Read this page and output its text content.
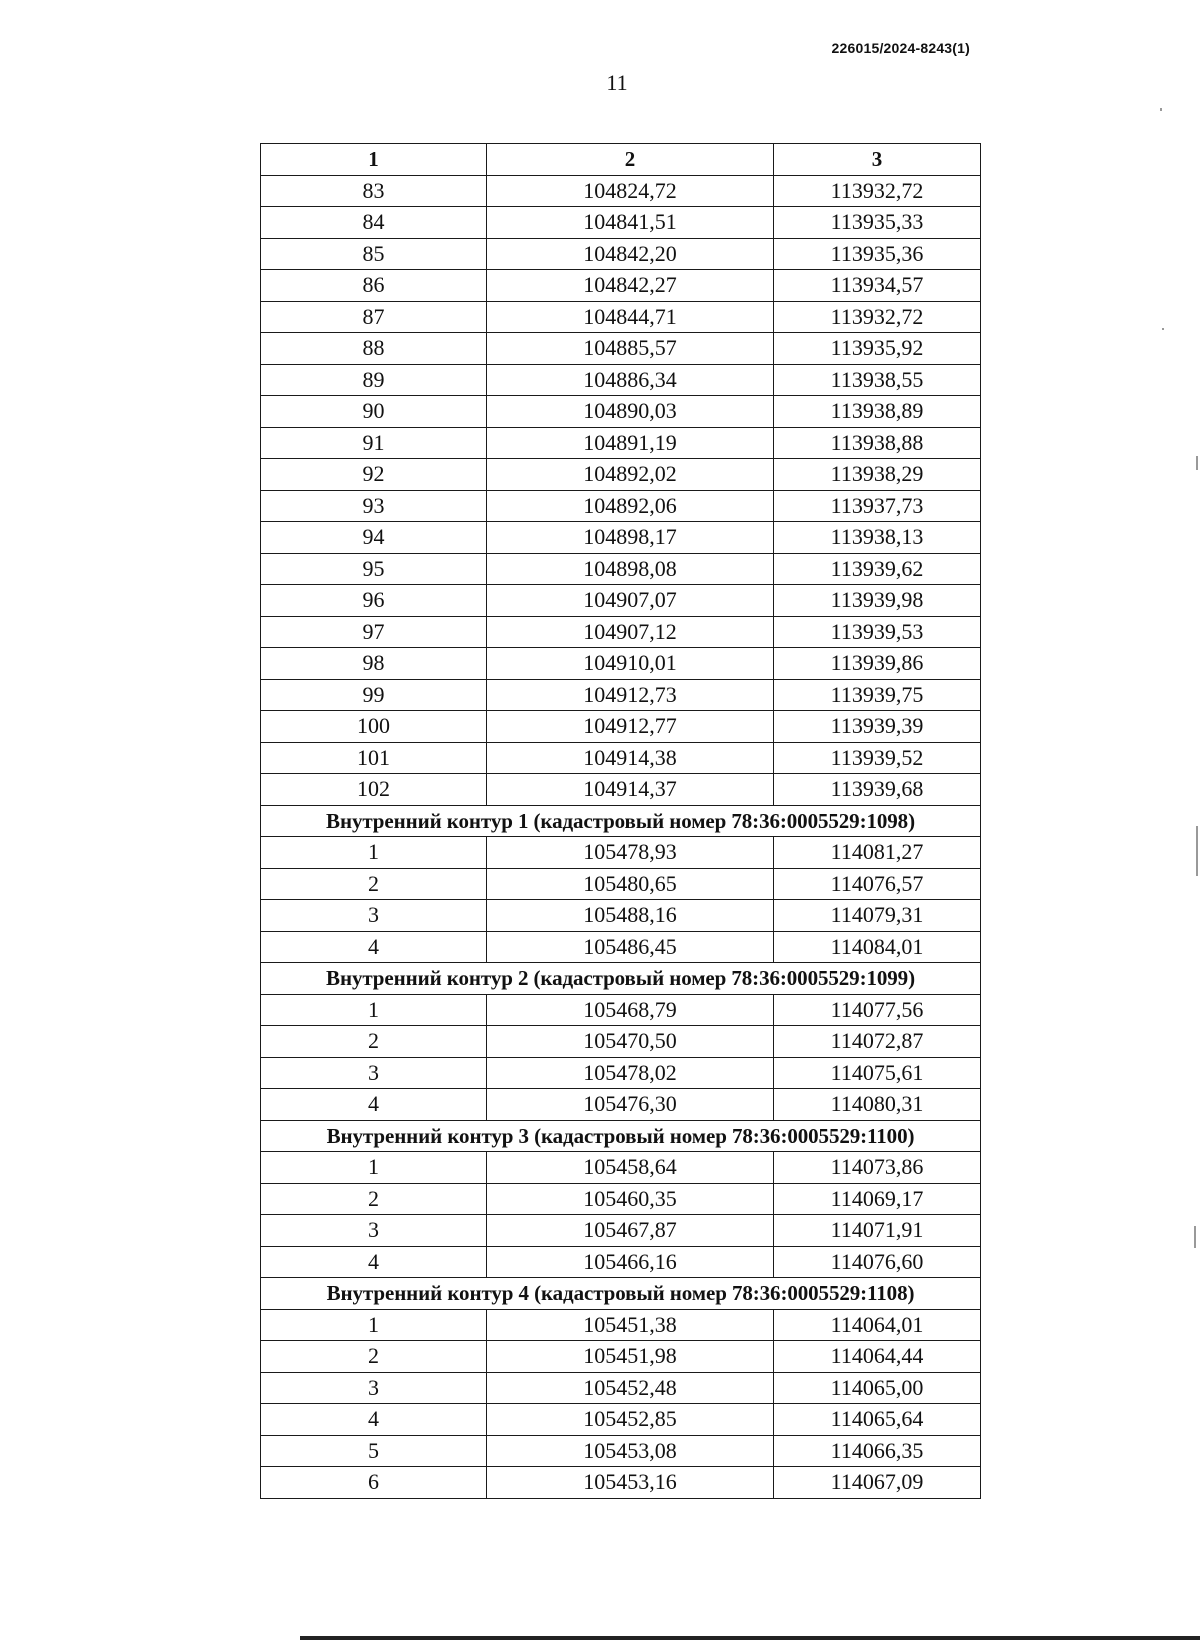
226015/2024-8243(1)
11
1	2	3
83	104824,72	113932,72
84	104841,51	113935,33
85	104842,20	113935,36
86	104842,27	113934,57
87	104844,71	113932,72
88	104885,57	113935,92
89	104886,34	113938,55
90	104890,03	113938,89
91	104891,19	113938,88
92	104892,02	113938,29
93	104892,06	113937,73
94	104898,17	113938,13
95	104898,08	113939,62
96	104907,07	113939,98
97	104907,12	113939,53
98	104910,01	113939,86
99	104912,73	113939,75
100	104912,77	113939,39
101	104914,38	113939,52
102	104914,37	113939,68
Внутренний контур 1 (кадастровый номер 78:36:0005529:1098)		
1	105478,93	114081,27
2	105480,65	114076,57
3	105488,16	114079,31
4	105486,45	114084,01
Внутренний контур 2 (кадастровый номер 78:36:0005529:1099)		
1	105468,79	114077,56
2	105470,50	114072,87
3	105478,02	114075,61
4	105476,30	114080,31
Внутренний контур 3 (кадастровый номер 78:36:0005529:1100)		
1	105458,64	114073,86
2	105460,35	114069,17
3	105467,87	114071,91
4	105466,16	114076,60
Внутренний контур 4 (кадастровый номер 78:36:0005529:1108)		
1	105451,38	114064,01
2	105451,98	114064,44
3	105452,48	114065,00
4	105452,85	114065,64
5	105453,08	114066,35
6	105453,16	114067,09
